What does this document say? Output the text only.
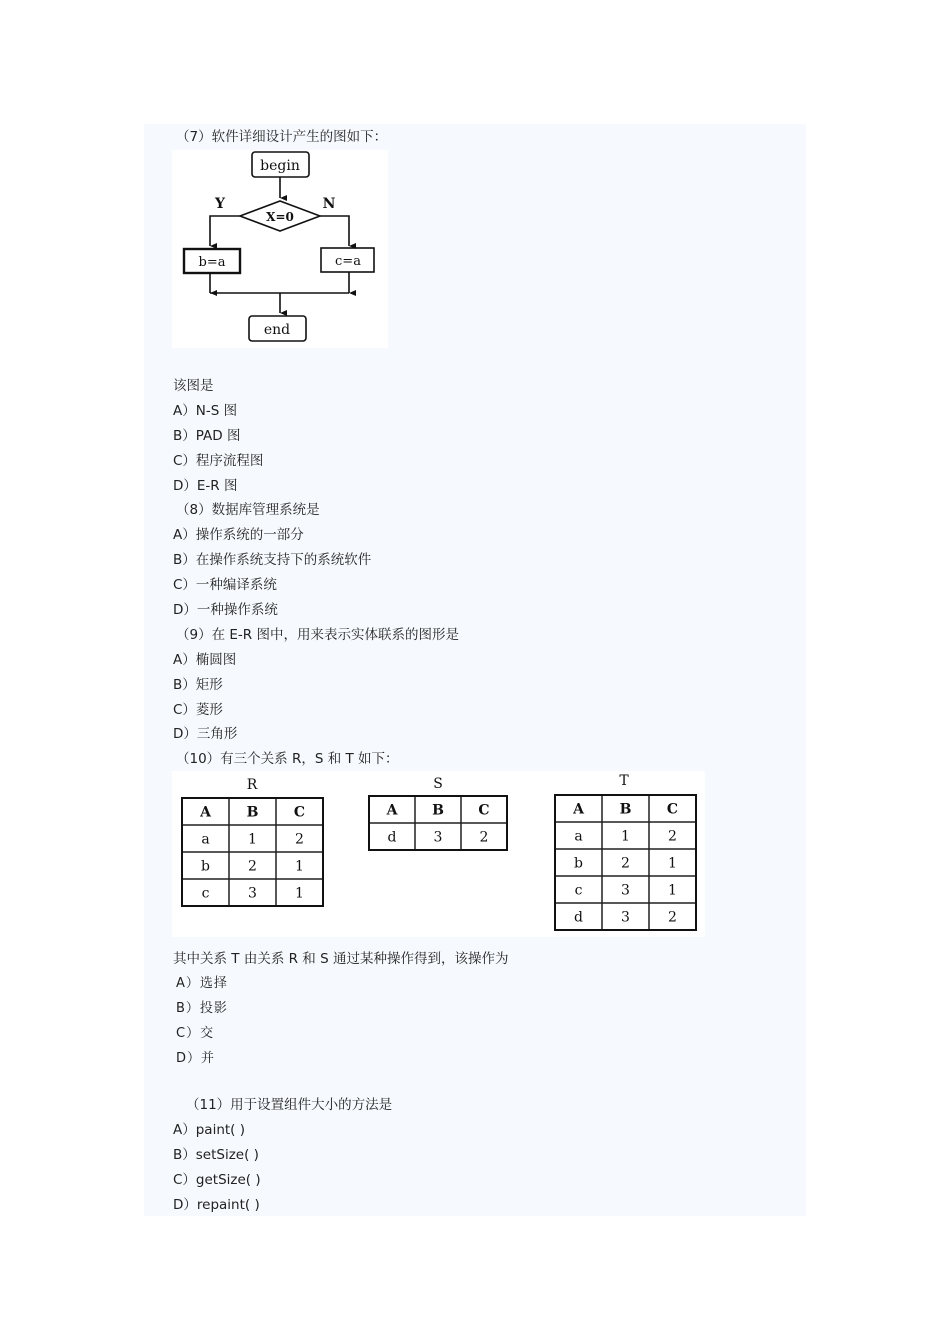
（7）软件详细设计产生的图如下：
begin
X=0
Y	N
b=a	c=a
end
该图是
A）N-S 图
B）PAD 图
C）程序流程图
D）E-R 图
（8）数据库管理系统是
A）操作系统的一部分
B）在操作系统支持下的系统软件
C）一种编译系统
D）一种操作系统
（9）在 E-R 图中，用来表示实体联系的图形是
A）椭圆图
B）矩形
C）菱形
D）三角形
（10）有三个关系 R，S 和 T 如下：
R
A	B	C
a	1	2
b	2	1
c	3	1
S
A B C
d	3	2
T
A	B	C
a	1	2
b	2	1
c	3	1
d	3	2
其中关系 T 由关系 R 和 S 通过某种操作得到，该操作为
A）选择
B）投影
C）交
D）并
（11）用于设置组件大小的方法是
A）paint( )
B）setSize( )
C）getSize( )
D）repaint( )
